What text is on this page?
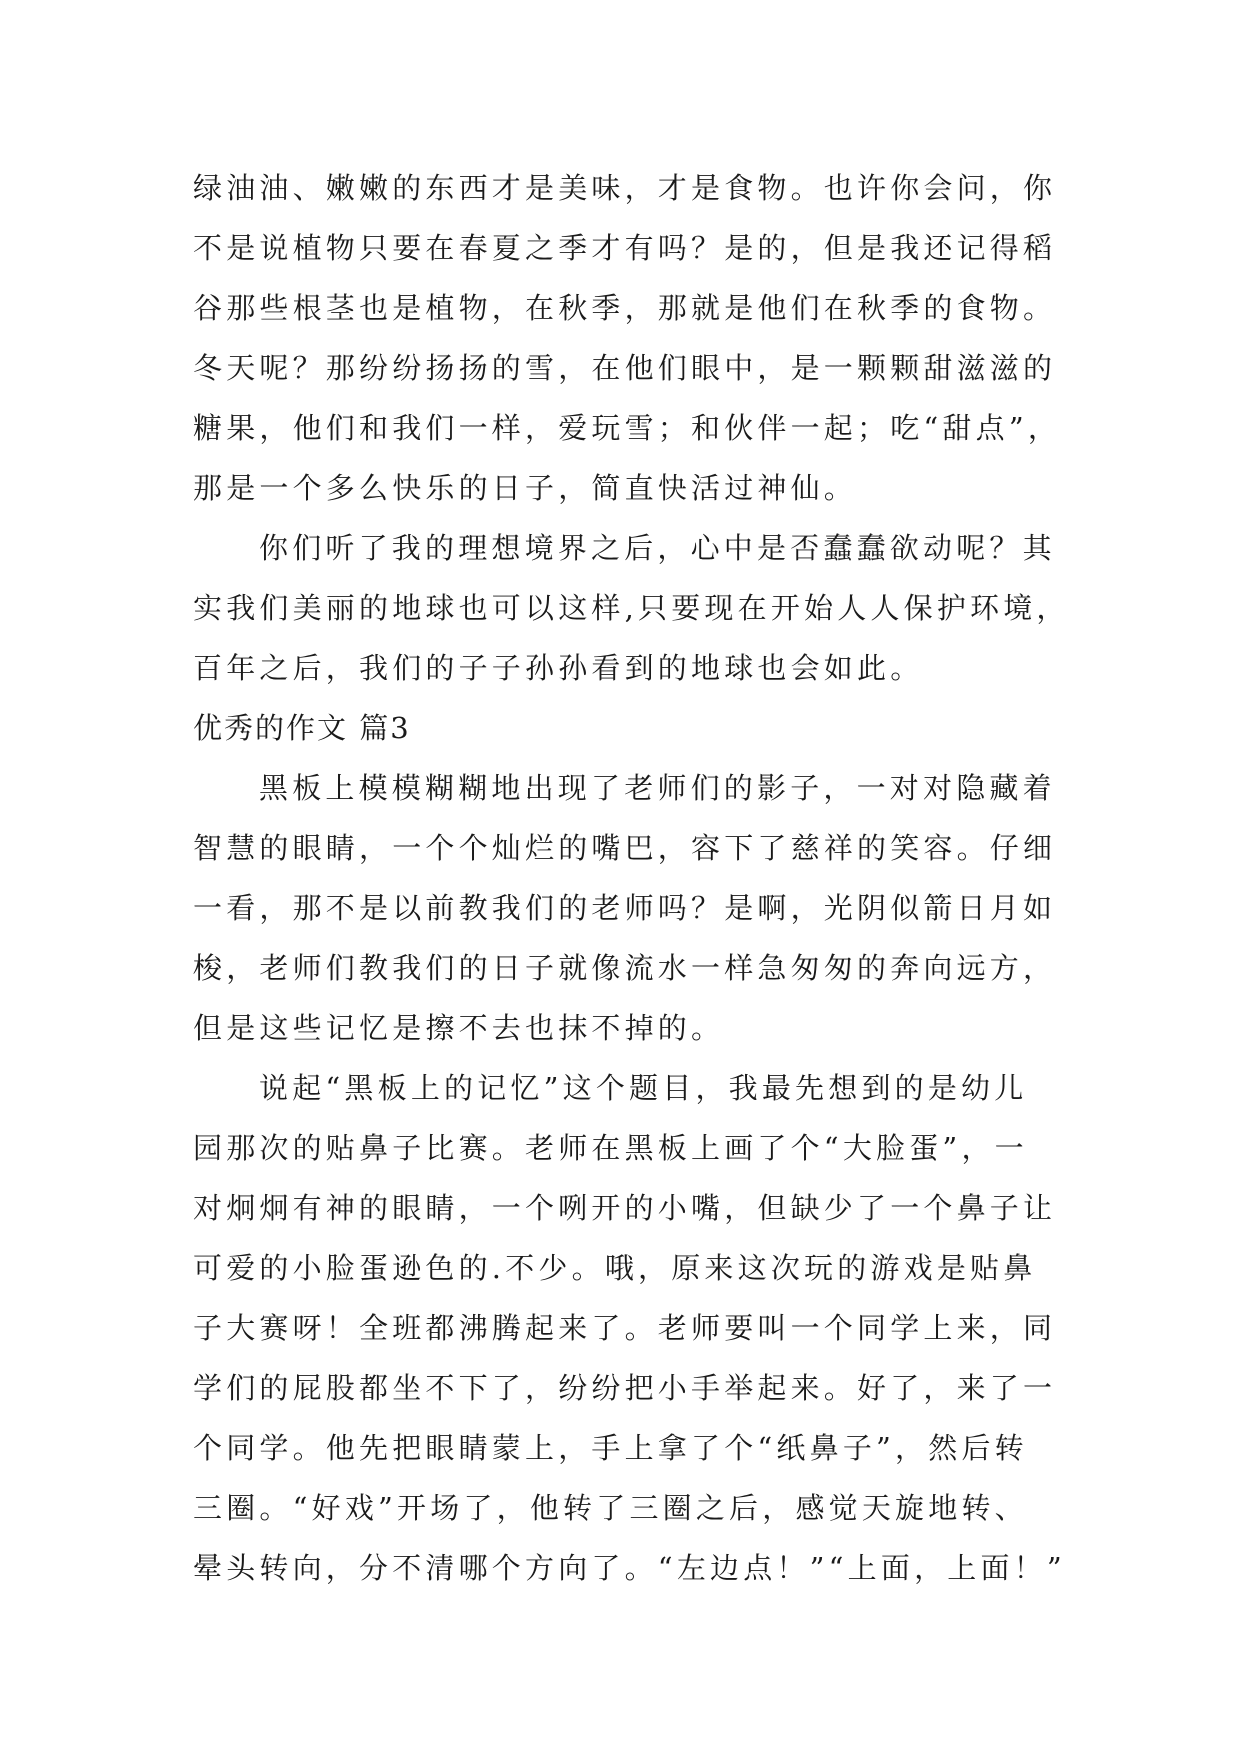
绿油油、嫩嫩的东西才是美味，才是食物。也许你会问，你
不是说植物只要在春夏之季才有吗？是的，但是我还记得稻
谷那些根茎也是植物，在秋季，那就是他们在秋季的食物。
冬天呢？那纷纷扬扬的雪，在他们眼中，是一颗颗甜滋滋的
糖果，他们和我们一样，爱玩雪；和伙伴一起；吃“甜点”，
那是一个多么快乐的日子，简直快活过神仙。
你们听了我的理想境界之后，心中是否蠢蠢欲动呢？其
实我们美丽的地球也可以这样,只要现在开始人人保护环境，
百年之后，我们的子子孙孙看到的地球也会如此。
优秀的作文 篇3
黑板上模模糊糊地出现了老师们的影子，一对对隐藏着
智慧的眼睛，一个个灿烂的嘴巴，容下了慈祥的笑容。仔细
一看，那不是以前教我们的老师吗？是啊，光阴似箭日月如
梭，老师们教我们的日子就像流水一样急匆匆的奔向远方，
但是这些记忆是擦不去也抹不掉的。
说起“黑板上的记忆”这个题目，我最先想到的是幼儿
园那次的贴鼻子比赛。老师在黑板上画了个“大脸蛋”，一
对炯炯有神的眼睛，一个咧开的小嘴，但缺少了一个鼻子让
可爱的小脸蛋逊色的.不少。哦，原来这次玩的游戏是贴鼻
子大赛呀！全班都沸腾起来了。老师要叫一个同学上来，同
学们的屁股都坐不下了，纷纷把小手举起来。好了，来了一
个同学。他先把眼睛蒙上，手上拿了个“纸鼻子”，然后转
三圈。“好戏”开场了，他转了三圈之后，感觉天旋地转、
晕头转向，分不清哪个方向了。“左边点！”“上面，上面！”
